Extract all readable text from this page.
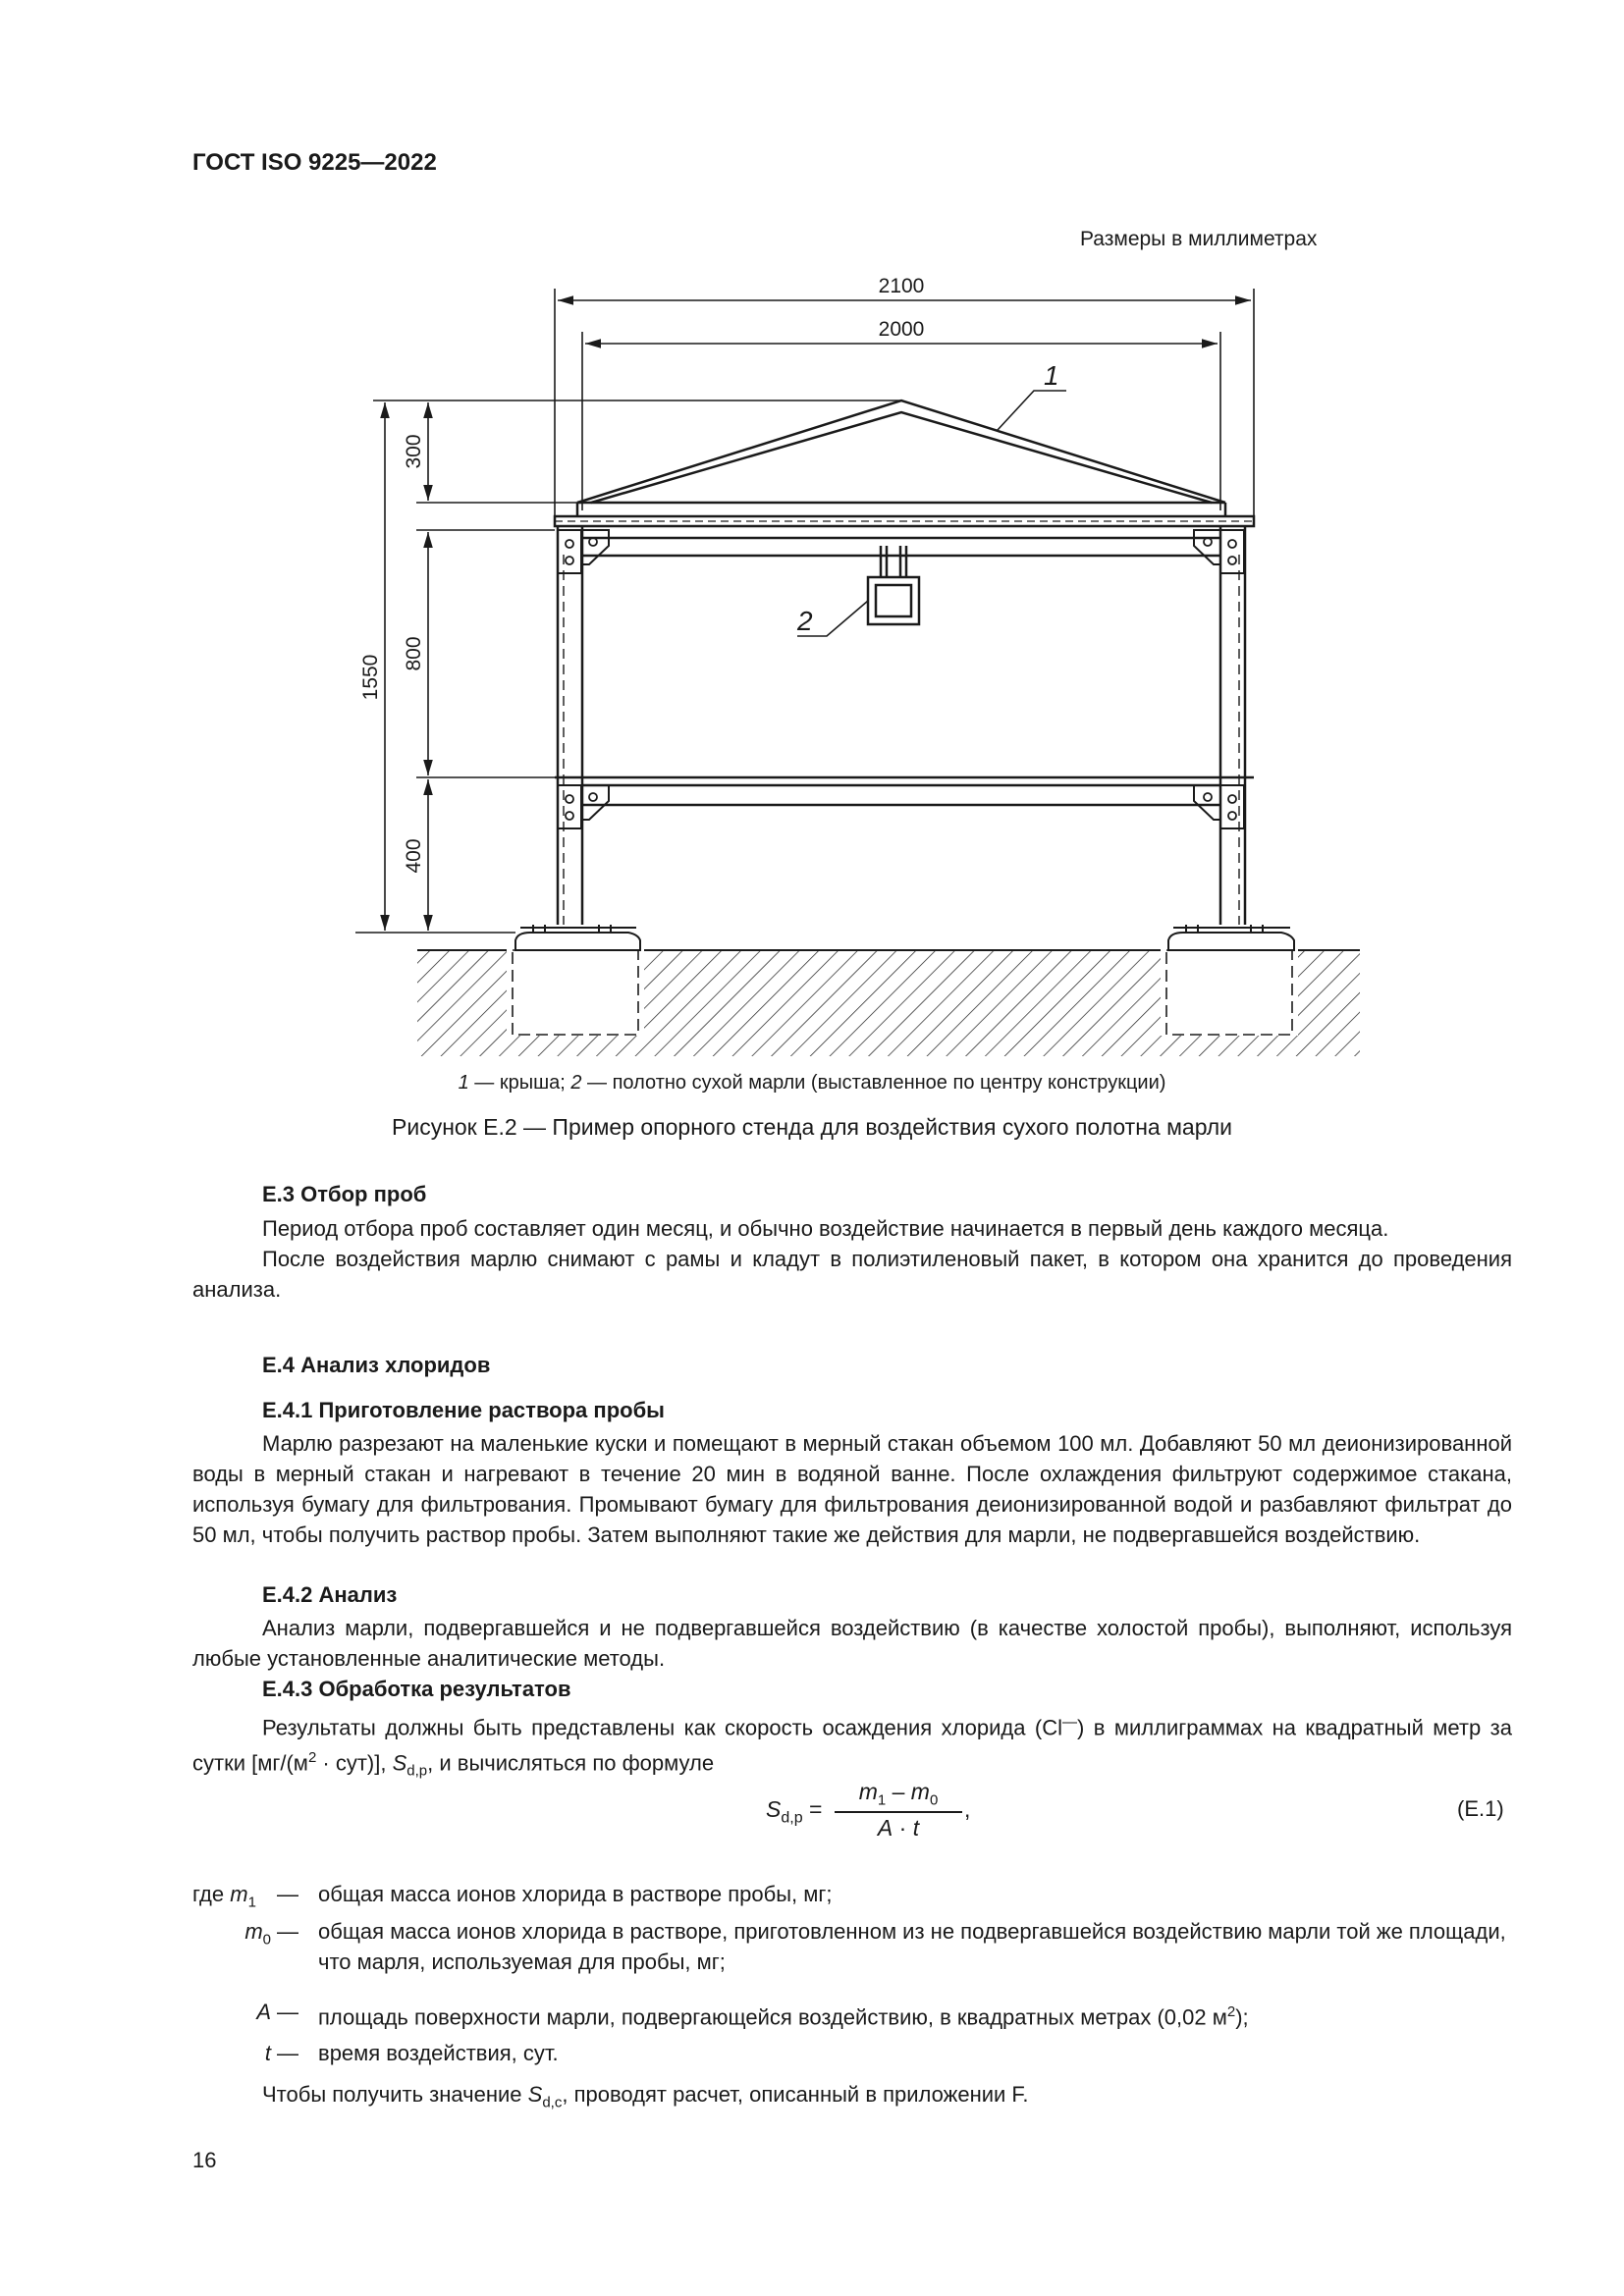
ГОСТ ISO 9225—2022
Размеры в миллиметрах
1
2
2100
2000
1550
300
800
400
1 — крыша; 2 — полотно сухой марли (выставленное по центру конструкции)
Рисунок Е.2 — Пример опорного стенда для воздействия сухого полотна марли
Е.3 Отбор проб

Период отбора проб составляет один месяц, и обычно воздействие начинается в первый день каждого месяца.

После воздействия марлю снимают с рамы и кладут в полиэтиленовый пакет, в котором она хранится до проведения анализа.

Е.4 Анализ хлоридов
Е.4.1 Приготовление раствора пробы

Марлю разрезают на маленькие куски и помещают в мерный стакан объемом 100 мл. Добавляют 50 мл деионизированной воды в мерный стакан и нагревают в течение 20 мин в водяной ванне. После охлаждения фильтруют содержимое стакана, используя бумагу для фильтрования. Промывают бумагу для фильтрования деионизированной водой и разбавляют фильтрат до 50 мл, чтобы получить раствор пробы. Затем выполняют такие же действия для марли, не подвергавшейся воздействию.

Е.4.2 Анализ

Анализ марли, подвергавшейся и не подвергавшейся воздействию (в качестве холостой пробы), выполняют, используя любые установленные аналитические методы.

Е.4.3 Обработка результатов

Результаты должны быть представлены как скорость осаждения хлорида (Cl—) в миллиграммах на квадратный метр за сутки $[мг/(м^2 \cdot сут)]$, $S_{d,p}$, и вычисляться по формуле

$S_{d,p} = \frac{m_1 - m_0}{A \cdot t}$ ,	(Е.1)
где $m_1$ — общая масса ионов хлорида в растворе пробы, мг;
$m_0$ — общая масса ионов хлорида в растворе, приготовленном из не подвергавшейся воздействию марли той же площади, что марля, используемая для пробы, мг;
A — площадь поверхности марли, подвергающейся воздействию, в квадратных метрах (0,02 $м^2$);
t — время воздействия, сут.
Чтобы получить значение $S_{d,c}$, проводят расчет, описанный в приложении F.
16
